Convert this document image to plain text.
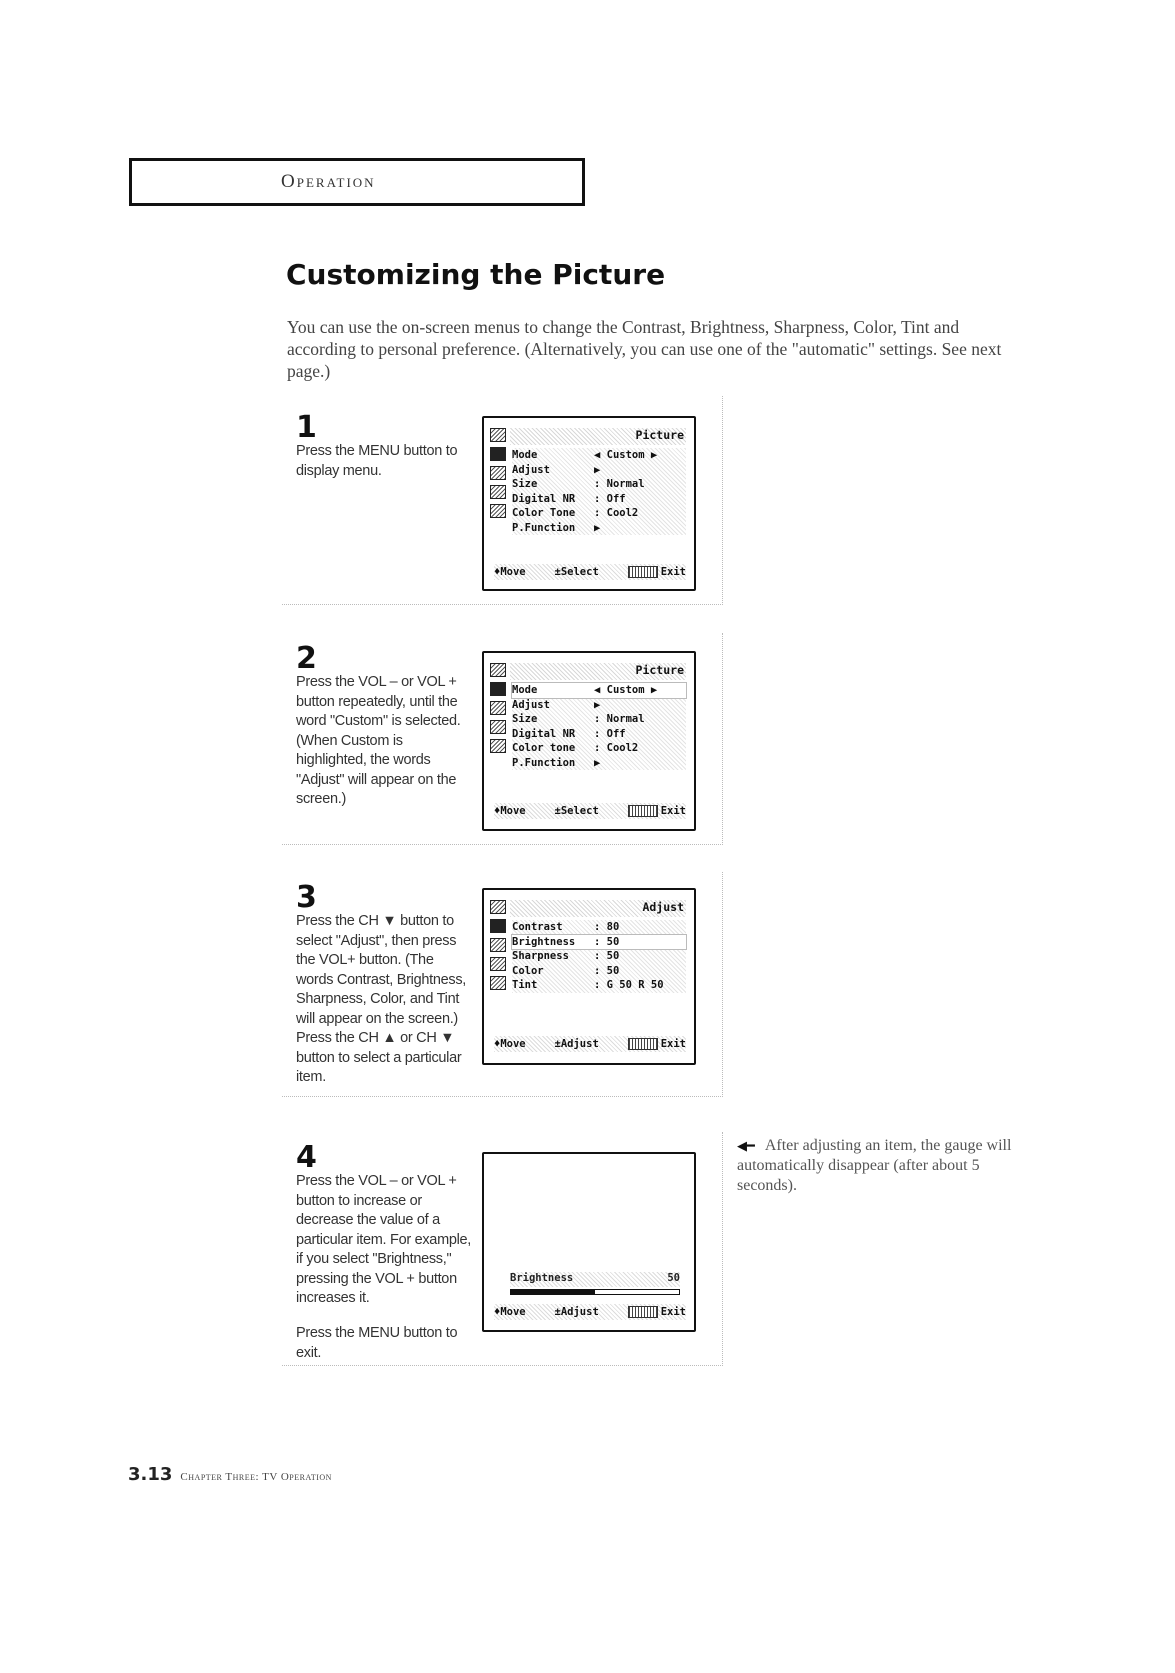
Operation
Customizing the Picture

You can use the on-screen menus to change the Contrast, Brightness, Sharpness, Color, Tint and according to personal preference. (Alternatively, you can use one of the "automatic" settings. See next page.)

1

Press the MENU button to display menu.

Picture
Mode	◀ Custom ▶
Adjust	▶
Size	: Normal
Digital NR	: Off
Color Tone	: Cool2
P.Function	▶
♦Move	±Select	Exit
2

Press the VOL – or VOL + button repeatedly, until the word "Custom" is selected. (When Custom is highlighted, the words "Adjust" will appear on the screen.)

Picture
Mode	◀ Custom ▶
Adjust	▶
Size	: Normal
Digital NR	: Off
Color tone	: Cool2
P.Function	▶
♦Move	±Select	Exit
3

Press the CH ▼ button to select "Adjust", then press the VOL+ button. (The words Contrast, Brightness, Sharpness, Color, and Tint will appear on the screen.) Press the CH ▲ or CH ▼ button to select a particular item.

Adjust
Contrast	: 80
Brightness	: 50
Sharpness	: 50
Color	: 50
Tint	: G 50 R 50
♦Move	±Adjust	Exit
4

Press the VOL – or VOL + button to increase or decrease the value of a particular item. For example, if you select "Brightness," pressing the VOL + button increases it.

Press the MENU button to exit.

Brightness	50
♦Move	±Adjust	Exit

◀━ After adjusting an item, the gauge will automatically disappear (after about 5 seconds).

3.13 Chapter Three: TV Operation
